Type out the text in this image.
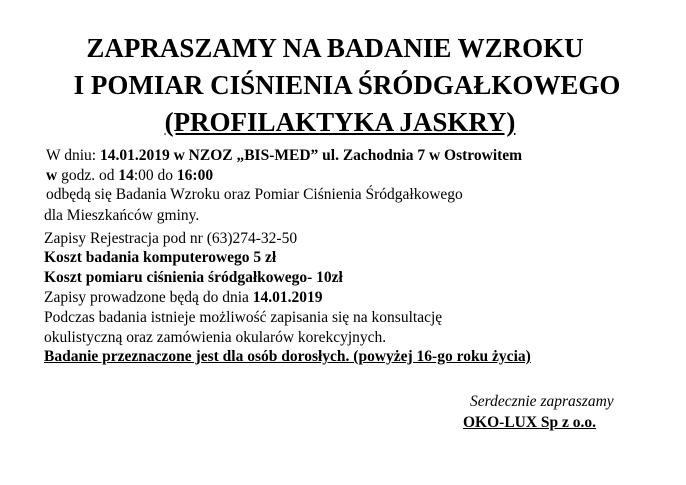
ZAPRASZAMY NA BADANIE WZROKU
I POMIAR CIŚNIENIA ŚRÓDGAŁKOWEGO
(PROFILAKTYKA JASKRY)
W dniu: 14.01.2019 w NZOZ „BIS-MED” ul. Zachodnia 7 w Ostrowitem
w godz. od 14:00 do 16:00
odbędą się Badania Wzroku oraz Pomiar Ciśnienia Śródgałkowego
dla Mieszkańców gminy.
Zapisy Rejestracja pod nr (63)274-32-50
Koszt badania komputerowego 5 zł
Koszt pomiaru ciśnienia śródgałkowego- 10zł
Zapisy prowadzone będą do dnia 14.01.2019
Podczas badania istnieje możliwość zapisania się na konsultację
okulistyczną oraz zamówienia okularów korekcyjnych.
Badanie przeznaczone jest dla osób dorosłych. (powyżej 16-go roku życia)
Serdecznie zapraszamy
OKO-LUX Sp z o.o.
